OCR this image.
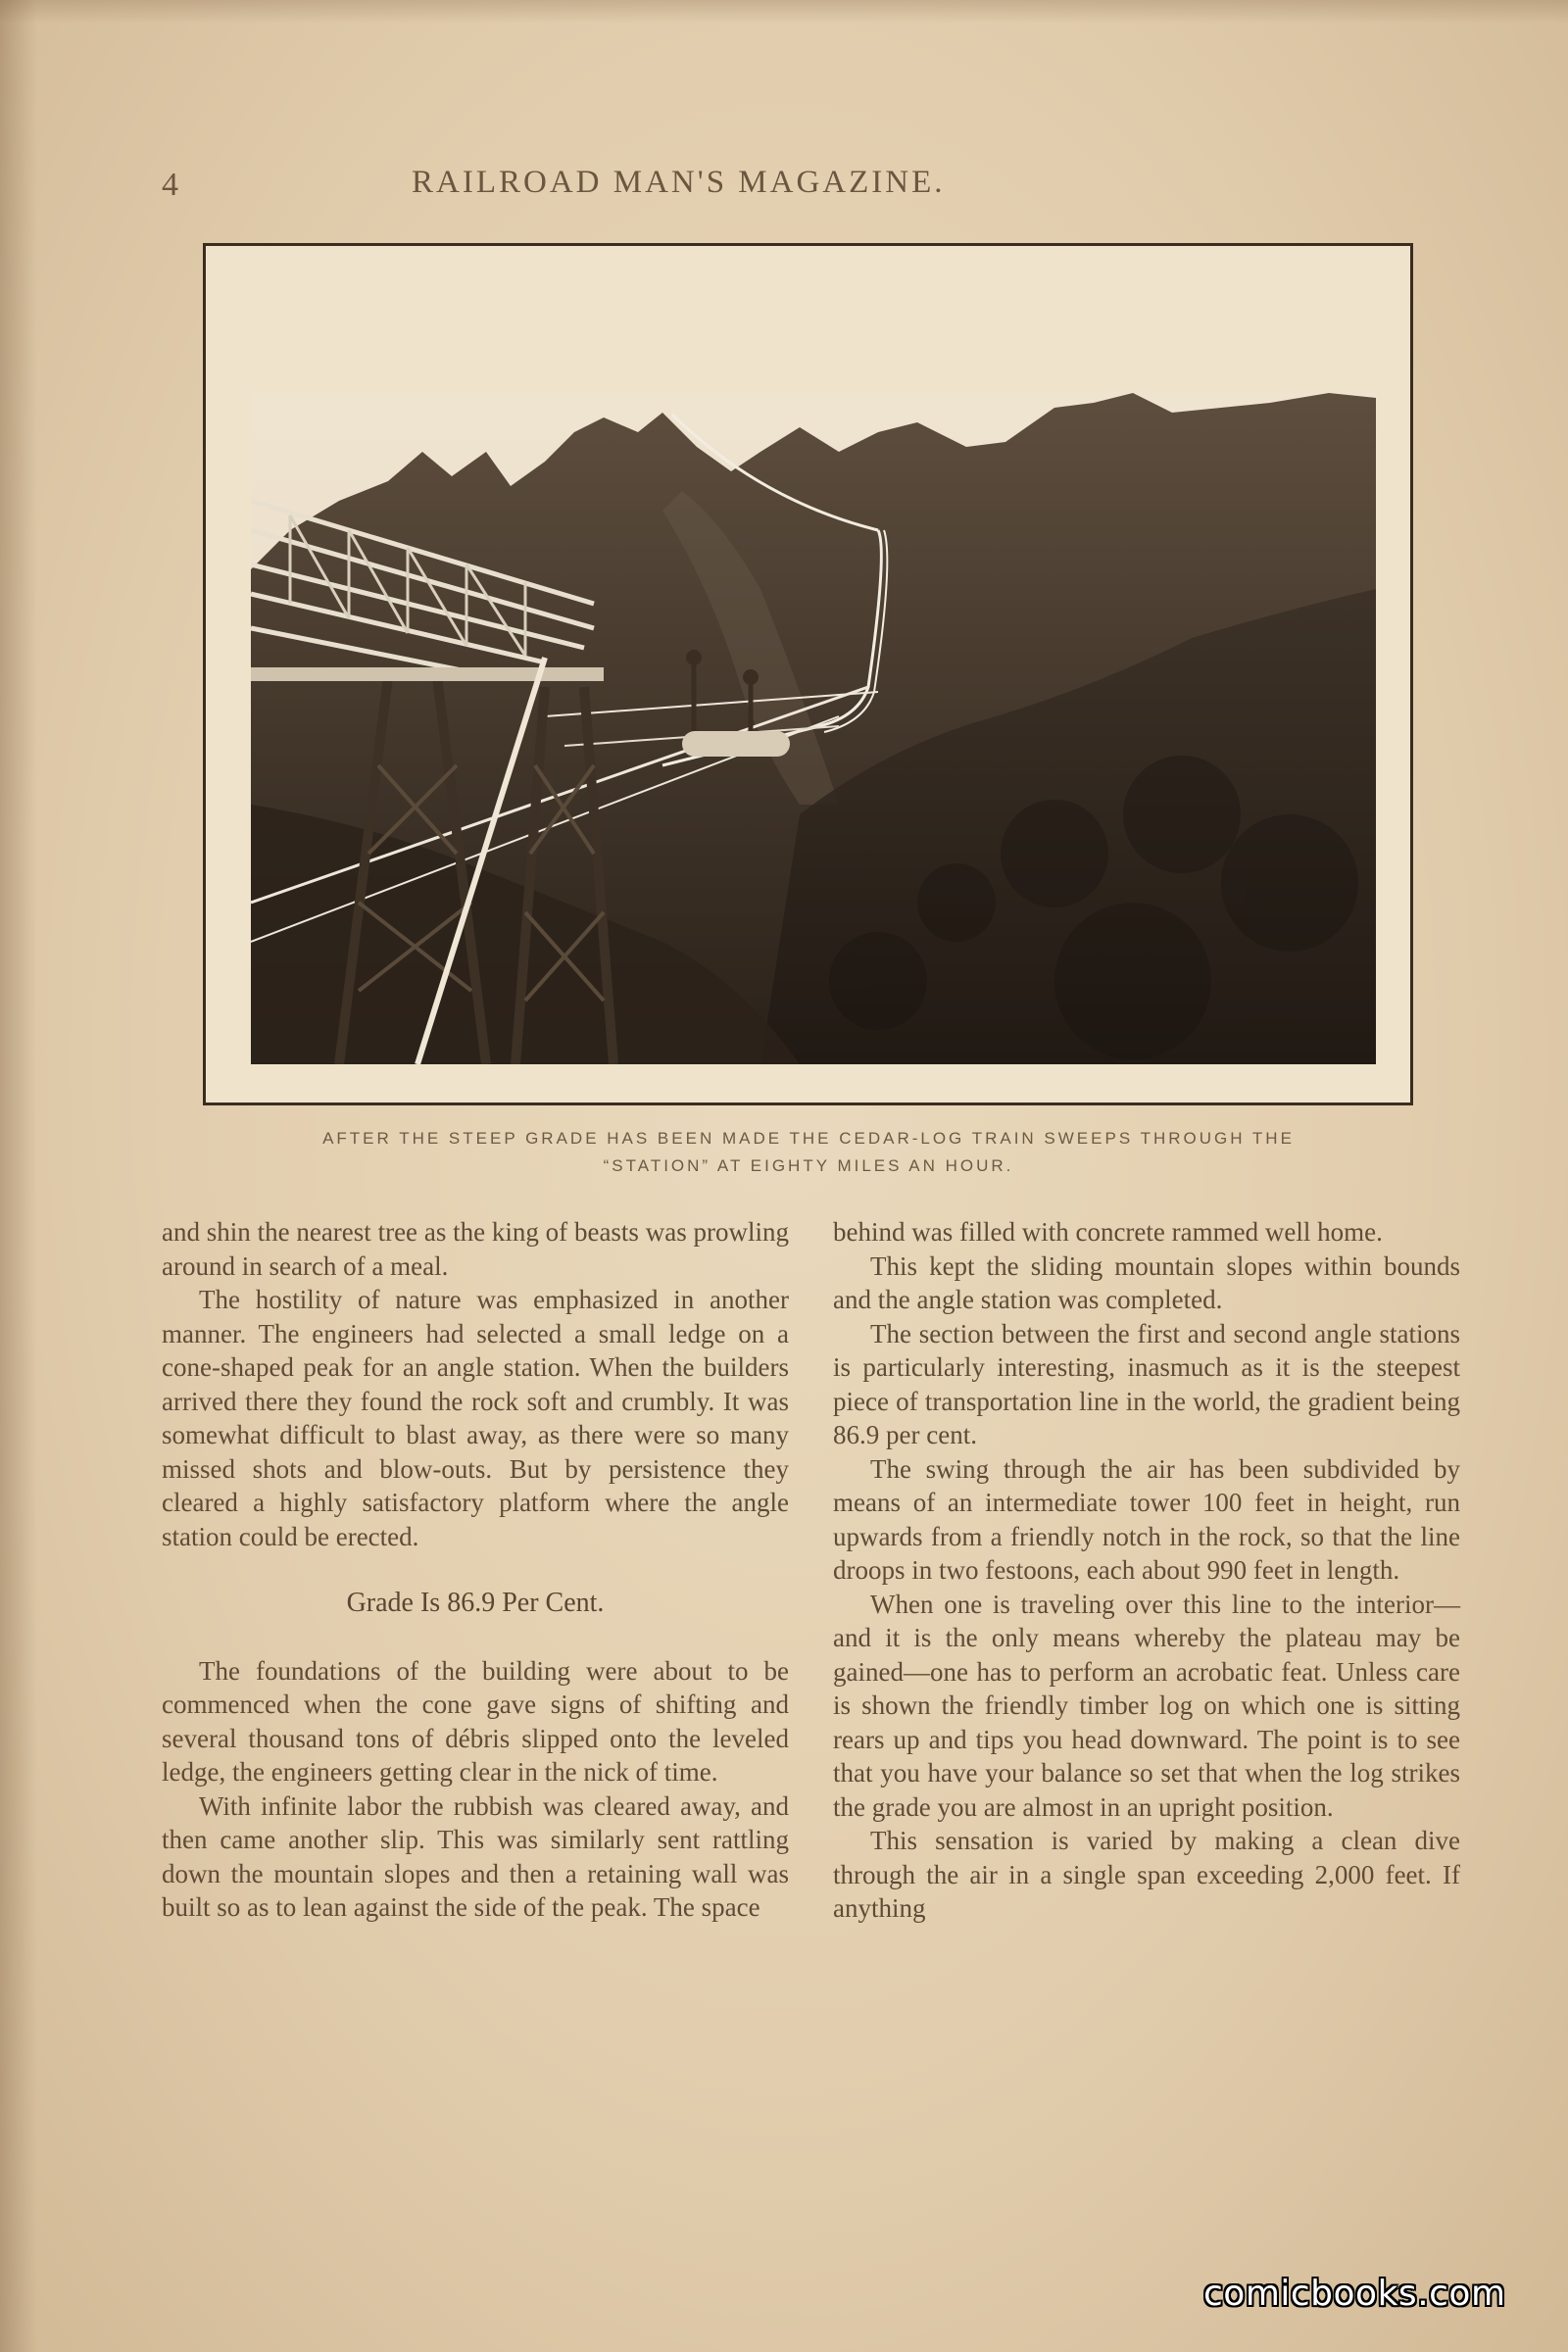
4	RAILROAD MAN'S MAGAZINE.
AFTER THE STEEP GRADE HAS BEEN MADE THE CEDAR-LOG TRAIN SWEEPS THROUGH THE
“STATION” AT EIGHTY MILES AN HOUR.

and shin the nearest tree as the king of beasts was prowling around in search of a meal.

The hostility of nature was emphasized in another manner. The engineers had selected a small ledge on a cone-shaped peak for an angle station. When the builders arrived there they found the rock soft and crumbly. It was somewhat difficult to blast away, as there were so many missed shots and blow-outs. But by persistence they cleared a highly satisfactory platform where the angle station could be erected.

Grade Is 86.9 Per Cent.

The foundations of the building were about to be commenced when the cone gave signs of shifting and several thousand tons of débris slipped onto the leveled ledge, the engineers getting clear in the nick of time.

With infinite labor the rubbish was cleared away, and then came another slip. This was similarly sent rattling down the mountain slopes and then a retaining wall was built so as to lean against the side of the peak. The space

behind was filled with concrete rammed well home.

This kept the sliding mountain slopes within bounds and the angle station was completed.

The section between the first and second angle stations is particularly interesting, inasmuch as it is the steepest piece of transportation line in the world, the gradient being 86.9 per cent.

The swing through the air has been subdivided by means of an intermediate tower 100 feet in height, run upwards from a friendly notch in the rock, so that the line droops in two festoons, each about 990 feet in length.

When one is traveling over this line to the interior—and it is the only means whereby the plateau may be gained—one has to perform an acrobatic feat. Unless care is shown the friendly timber log on which one is sitting rears up and tips you head downward. The point is to see that you have your balance so set that when the log strikes the grade you are almost in an upright position.

This sensation is varied by making a clean dive through the air in a single span exceeding 2,000 feet. If anything

comicbooks.com
